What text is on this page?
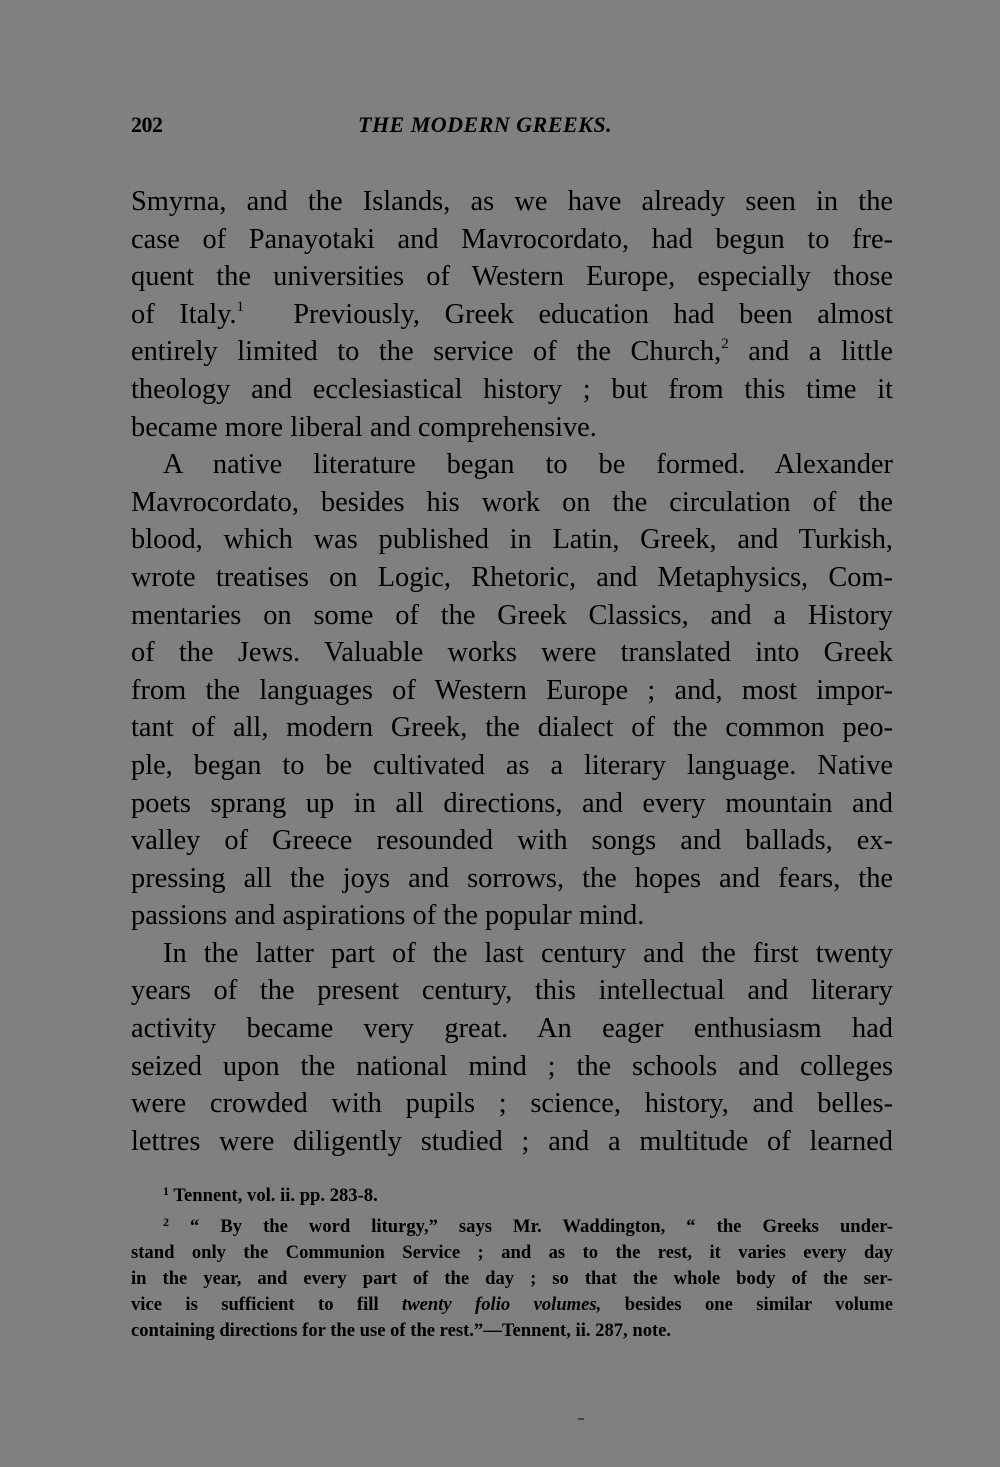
202	THE MODERN GREEKS.

Smyrna, and the Islands, as we have already seen in the
case of Panayotaki and Mavrocordato, had begun to fre-
quent the universities of Western Europe, especially those
of Italy.$^1$ Previously, Greek education had been almost
entirely limited to the service of the Church,$^2$ and a little
theology and ecclesiastical history ; but from this time it
became more liberal and comprehensive.

A native literature began to be formed. Alexander
Mavrocordato, besides his work on the circulation of the
blood, which was published in Latin, Greek, and Turkish,
wrote treatises on Logic, Rhetoric, and Metaphysics, Com-
mentaries on some of the Greek Classics, and a History
of the Jews. Valuable works were translated into Greek
from the languages of Western Europe ; and, most impor-
tant of all, modern Greek, the dialect of the common peo-
ple, began to be cultivated as a literary language. Native
poets sprang up in all directions, and every mountain and
valley of Greece resounded with songs and ballads, ex-
pressing all the joys and sorrows, the hopes and fears, the
passions and aspirations of the popular mind.

In the latter part of the last century and the first twenty
years of the present century, this intellectual and literary
activity became very great. An eager enthusiasm had
seized upon the national mind ; the schools and colleges
were crowded with pupils ; science, history, and belles-
lettres were diligently studied ; and a multitude of learned

$^1$ Tennent, vol. ii. pp. 283-8.
$^2$ “ By the word liturgy,” says Mr. Waddington, “ the Greeks under-
stand only the Communion Service ; and as to the rest, it varies every day
in the year, and every part of the day ; so that the whole body of the ser-
vice is sufficient to fill twenty folio volumes, besides one similar volume
containing directions for the use of the rest.”—Tennent, ii. 287, note.
